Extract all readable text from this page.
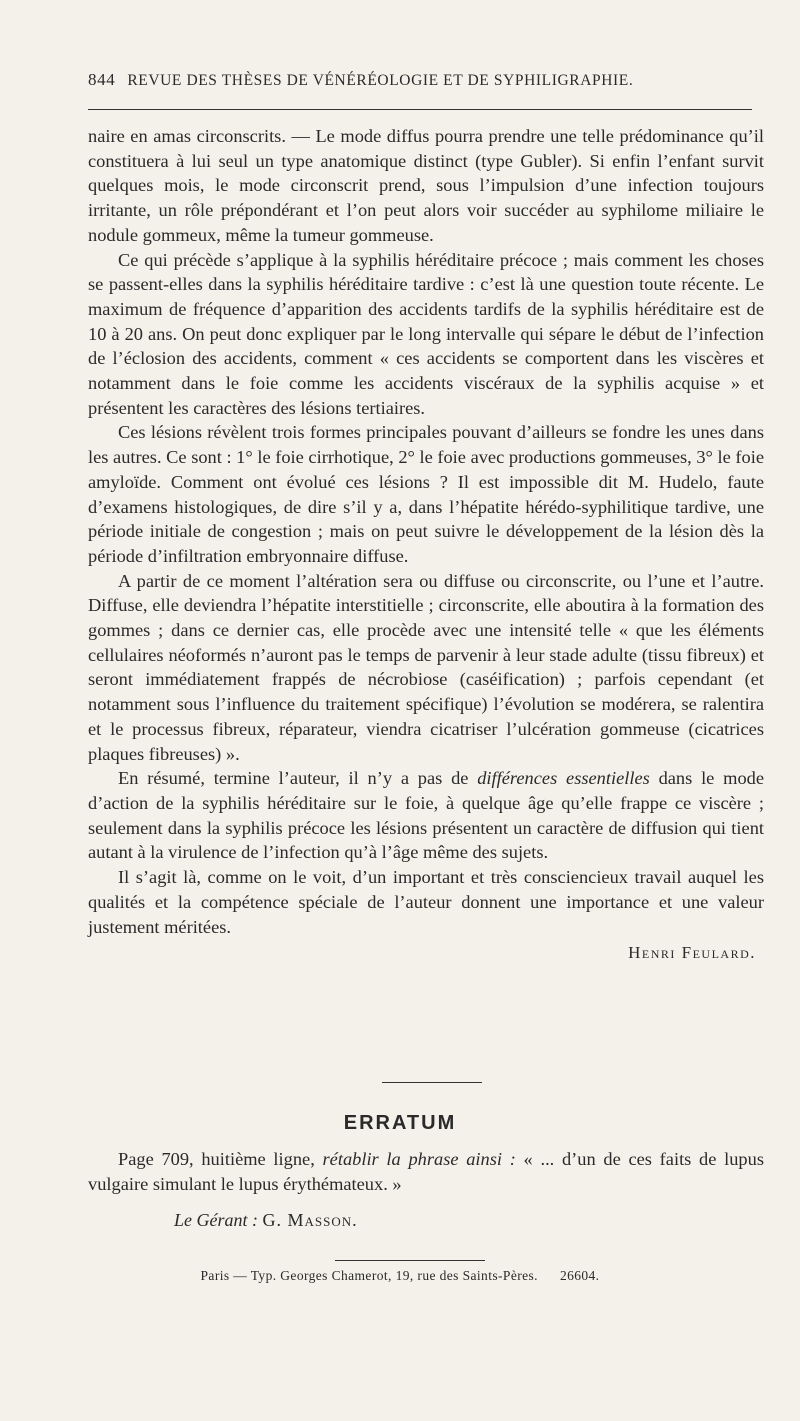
844 REVUE DES THÈSES DE VÉNÉRÉOLOGIE ET DE SYPHILIGRAPHIE.

naire en amas circonscrits. — Le mode diffus pourra prendre une telle prédominance qu’il constituera à lui seul un type anatomique distinct (type Gubler). Si enfin l’enfant survit quelques mois, le mode circonscrit prend, sous l’impulsion d’une infection toujours irritante, un rôle prépondérant et l’on peut alors voir succéder au syphilome miliaire le nodule gommeux, même la tumeur gommeuse.

Ce qui précède s’applique à la syphilis héréditaire précoce ; mais comment les choses se passent-elles dans la syphilis héréditaire tardive : c’est là une question toute récente. Le maximum de fréquence d’apparition des accidents tardifs de la syphilis héréditaire est de 10 à 20 ans. On peut donc expliquer par le long intervalle qui sépare le début de l’infection de l’éclosion des accidents, comment « ces accidents se comportent dans les viscères et notamment dans le foie comme les accidents viscéraux de la syphilis acquise » et présentent les caractères des lésions tertiaires.

Ces lésions révèlent trois formes principales pouvant d’ailleurs se fondre les unes dans les autres. Ce sont : 1° le foie cirrhotique, 2° le foie avec productions gommeuses, 3° le foie amyloïde. Comment ont évolué ces lésions ? Il est impossible dit M. Hudelo, faute d’examens histologiques, de dire s’il y a, dans l’hépatite hérédo-syphilitique tardive, une période initiale de congestion ; mais on peut suivre le développement de la lésion dès la période d’infiltration embryonnaire diffuse.

A partir de ce moment l’altération sera ou diffuse ou circonscrite, ou l’une et l’autre. Diffuse, elle deviendra l’hépatite interstitielle ; circonscrite, elle aboutira à la formation des gommes ; dans ce dernier cas, elle procède avec une intensité telle « que les éléments cellulaires néoformés n’auront pas le temps de parvenir à leur stade adulte (tissu fibreux) et seront immédiatement frappés de nécrobiose (caséification) ; parfois cependant (et notamment sous l’influence du traitement spécifique) l’évolution se modérera, se ralentira et le processus fibreux, réparateur, viendra cicatriser l’ulcération gommeuse (cicatrices plaques fibreuses) ».

En résumé, termine l’auteur, il n’y a pas de différences essentielles dans le mode d’action de la syphilis héréditaire sur le foie, à quelque âge qu’elle frappe ce viscère ; seulement dans la syphilis précoce les lésions présentent un caractère de diffusion qui tient autant à la virulence de l’infection qu’à l’âge même des sujets.

Il s’agit là, comme on le voit, d’un important et très consciencieux travail auquel les qualités et la compétence spéciale de l’auteur donnent une importance et une valeur justement méritées.

Henri Feulard.
ERRATUM
Page 709, huitième ligne, rétablir la phrase ainsi : « ... d’un de ces faits de lupus vulgaire simulant le lupus érythémateux. »
Le Gérant : G. Masson.
Paris — Typ. Georges Chamerot, 19, rue des Saints-Pères. 26604.
